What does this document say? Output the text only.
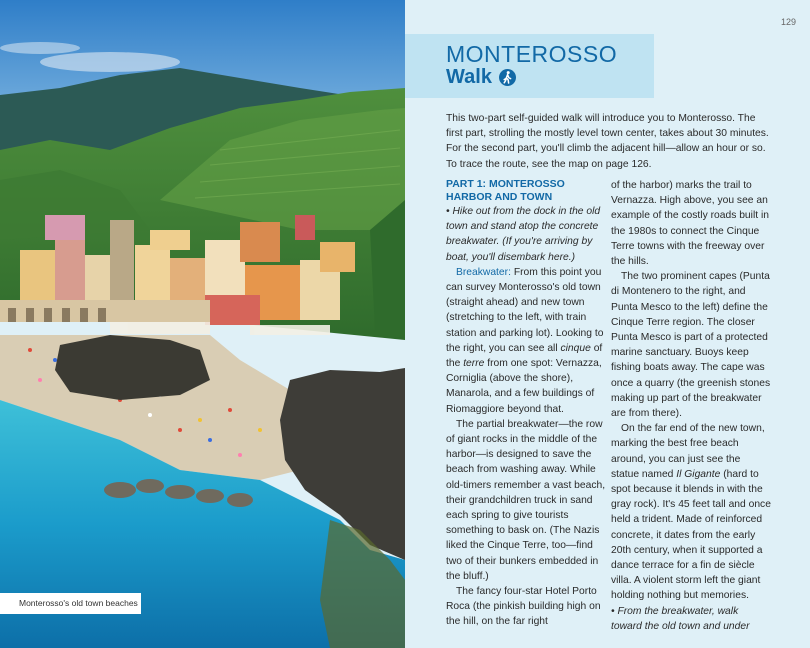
Monterosso's old town beaches
129
MONTEROSSO
Walk

This two-part self-guided walk will introduce you to Monterosso. The first part, strolling the mostly level town center, takes about 30 minutes. For the second part, you'll climb the adjacent hill—allow an hour or so. To trace the route, see the map on page 126.

PART 1: MONTEROSSO HARBOR AND TOWN

• Hike out from the dock in the old town and stand atop the concrete breakwater. (If you're arriving by boat, you'll disembark here.)

Breakwater: From this point you can survey Monterosso's old town (straight ahead) and new town (stretching to the left, with train station and parking lot). Looking to the right, you can see all cinque of the terre from one spot: Vernazza, Corniglia (above the shore), Manarola, and a few buildings of Riomaggiore beyond that.

The partial breakwater—the row of giant rocks in the middle of the harbor—is designed to save the beach from washing away. While old-timers remember a vast beach, their grandchildren truck in sand each spring to give tourists something to bask on. (The Nazis liked the Cinque Terre, too—find two of their bunkers embedded in the bluff.)

The fancy four-star Hotel Porto Roca (the pinkish building high on the hill, on the far right

of the harbor) marks the trail to Vernazza. High above, you see an example of the costly roads built in the 1980s to connect the Cinque Terre towns with the freeway over the hills.

The two prominent capes (Punta di Montenero to the right, and Punta Mesco to the left) define the Cinque Terre region. The closer Punta Mesco is part of a protected marine sanctuary. Buoys keep fishing boats away. The cape was once a quarry (the greenish stones making up part of the breakwater are from there).

On the far end of the new town, marking the best free beach around, you can just see the statue named Il Gigante (hard to spot because it blends in with the gray rock). It's 45 feet tall and once held a trident. Made of reinforced concrete, it dates from the early 20th century, when it supported a dance terrace for a fin de siècle villa. A violent storm left the giant holding nothing but memories.

• From the breakwater, walk toward the old town and under
